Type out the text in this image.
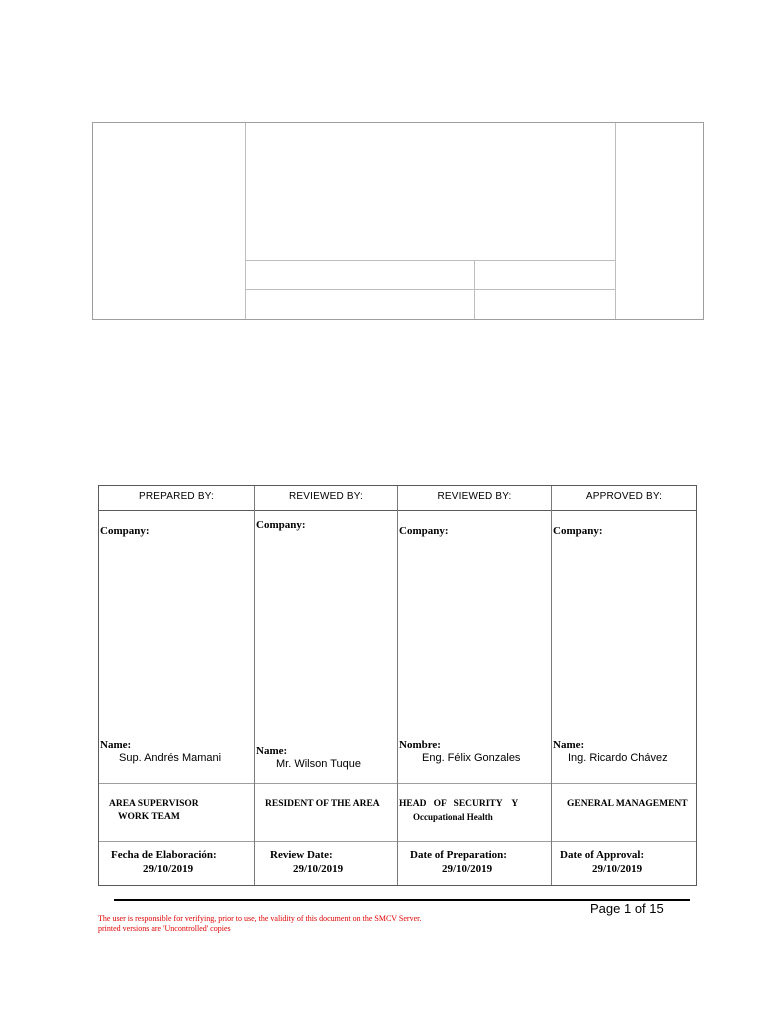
PREPARED BY:
Company:
Name:
Sup. Andrés Mamani
AREA SUPERVISOR
WORK TEAM
Fecha de Elaboración:
29/10/2019
REVIEWED BY:
Company:
Name:
Mr. Wilson Tuque
RESIDENT OF THE AREA
Review Date:
29/10/2019
REVIEWED BY:
Company:
Nombre:
Eng. Félix Gonzales
HEAD   OF   SECURITY    Y
Occupational Health
Date of Preparation:
29/10/2019
APPROVED BY:
Company:
Name:
Ing. Ricardo Chávez
GENERAL MANAGEMENT
Date of Approval:
29/10/2019
Page 1 of 15
The user is responsible for verifying, prior to use, the validity of this document on the SMCV Server.
printed versions are 'Uncontrolled' copies
